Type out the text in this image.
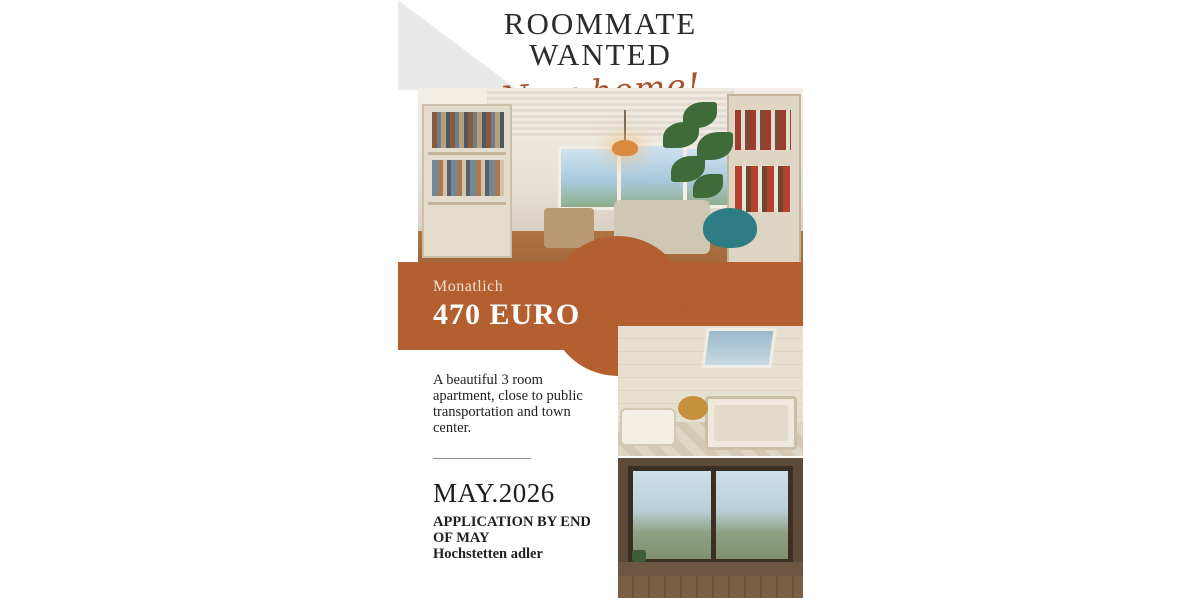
ROOMMATE
WANTED
Monatlich
470 EURO
A beautiful 3 room apartment, close to public transportation and town center.
MAY.2026
APPLICATION BY END OF MAY
Hochstetten adler
